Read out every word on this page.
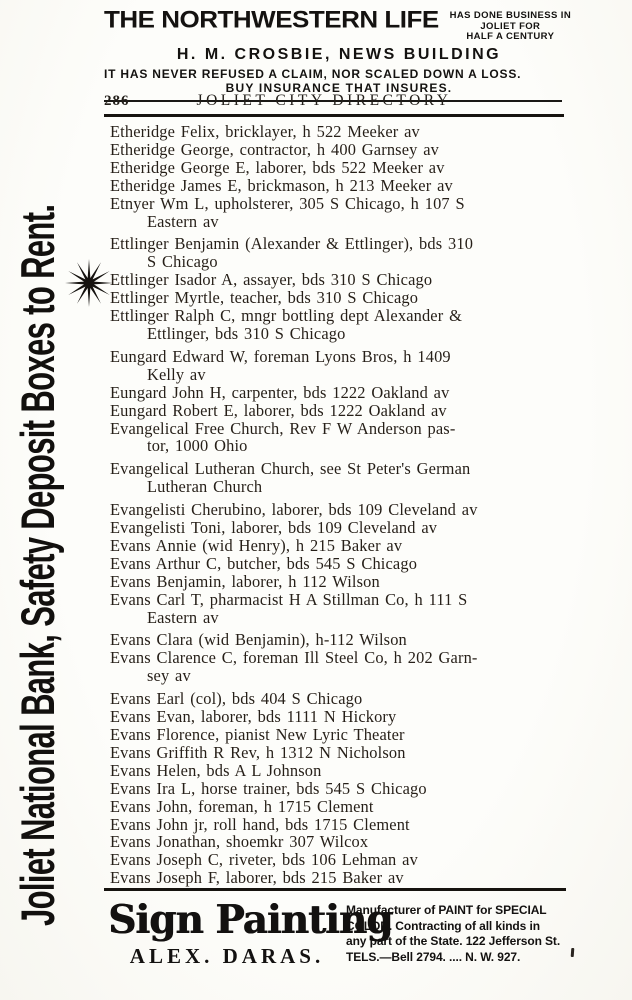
Joliet National Bank, Safety Deposit Boxes to Rent.
THE NORTHWESTERN LIFE	HAS DONE BUSINESS IN JOLIET FOR
HALF A CENTURY
H. M. CROSBIE, NEWS BUILDING
IT HAS NEVER REFUSED A CLAIM, NOR SCALED DOWN A LOSS.
BUY INSURANCE THAT INSURES.
286	JOLIET CITY DIRECTORY
Etheridge Felix, bricklayer, h 522 Meeker av
Etheridge George, contractor, h 400 Garnsey av
Etheridge George E, laborer, bds 522 Meeker av
Etheridge James E, brickmason, h 213 Meeker av
Etnyer Wm L, upholsterer, 305 S Chicago, h 107 S
Eastern av
Ettlinger Benjamin (Alexander & Ettlinger), bds 310
S Chicago
Ettlinger Isador A, assayer, bds 310 S Chicago
Ettlinger Myrtle, teacher, bds 310 S Chicago
Ettlinger Ralph C, mngr bottling dept Alexander &
Ettlinger, bds 310 S Chicago
Eungard Edward W, foreman Lyons Bros, h 1409
Kelly av
Eungard John H, carpenter, bds 1222 Oakland av
Eungard Robert E, laborer, bds 1222 Oakland av
Evangelical Free Church, Rev F W Anderson pas-
tor, 1000 Ohio
Evangelical Lutheran Church, see St Peter's German
Lutheran Church
Evangelisti Cherubino, laborer, bds 109 Cleveland av
Evangelisti Toni, laborer, bds 109 Cleveland av
Evans Annie (wid Henry), h 215 Baker av
Evans Arthur C, butcher, bds 545 S Chicago
Evans Benjamin, laborer, h 112 Wilson
Evans Carl T, pharmacist H A Stillman Co, h 111 S
Eastern av
Evans Clara (wid Benjamin), h-112 Wilson
Evans Clarence C, foreman Ill Steel Co, h 202 Garn-
sey av
Evans Earl (col), bds 404 S Chicago
Evans Evan, laborer, bds 1111 N Hickory
Evans Florence, pianist New Lyric Theater
Evans Griffith R Rev, h 1312 N Nicholson
Evans Helen, bds A L Johnson
Evans Ira L, horse trainer, bds 545 S Chicago
Evans John, foreman, h 1715 Clement
Evans John jr, roll hand, bds 1715 Clement
Evans Jonathan, shoemkr 307 Wilcox
Evans Joseph C, riveter, bds 106 Lehman av
Evans Joseph F, laborer, bds 215 Baker av
Sign Painting
ALEX. DARAS.
Manufacturer of PAINT for SPECIAL
COLOR. Contracting of all kinds in
any part of the State. 122 Jefferson St.
TELS.—Bell 2794. .... N. W. 927.
